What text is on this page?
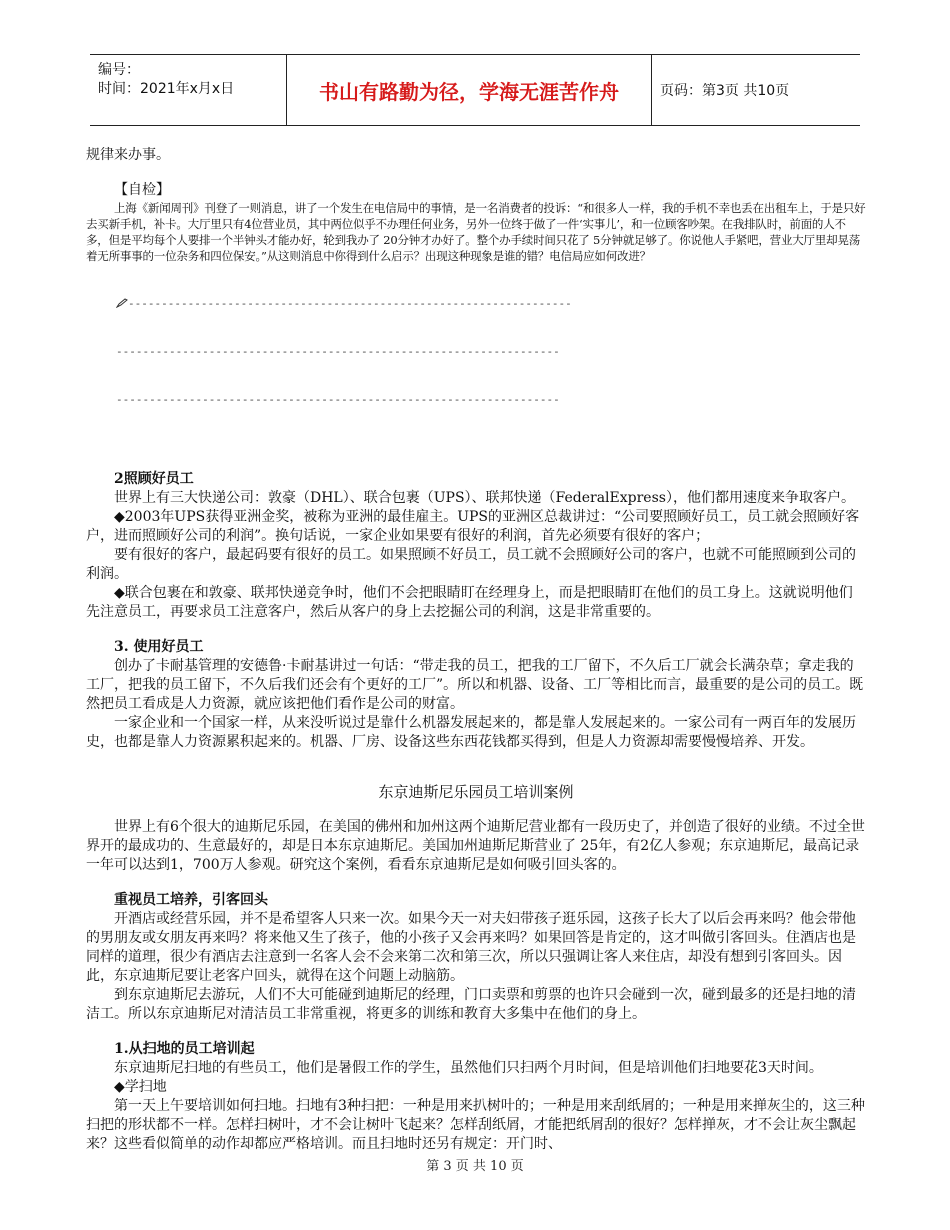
编号：
时间：2021年x月x日	书山有路勤为径，学海无涯苦作舟	页码：第3页 共10页

规律来办事。

【自检】

上海《新闻周刊》刊登了一则消息，讲了一个发生在电信局中的事情，是一名消费者的投诉：“和很多人一样，我的手机不幸也丢在出租车上，于是只好去买新手机，补卡。大厅里只有4位营业员，其中两位似乎不办理任何业务，另外一位终于做了一件‘实事儿’，和一位顾客吵架。在我排队时，前面的人不多，但是平均每个人要排一个半钟头才能办好，轮到我办了 20分钟才办好了。整个办手续时间只花了 5分钟就足够了。你说他人手紧吧，营业大厅里却晃荡着无所事事的一位杂务和四位保安。”从这则消息中你得到什么启示？出现这种现象是谁的错？电信局应如何改进？

-------------------------------------------------------------------

-------------------------------------------------------------------

-------------------------------------------------------------------

2照顾好员工

世界上有三大快递公司：敦豪（DHL）、联合包裹（UPS）、联邦快递（FederalExpress），他们都用速度来争取客户。

◆2003年UPS获得亚洲金奖，被称为亚洲的最佳雇主。UPS的亚洲区总裁讲过：“公司要照顾好员工，员工就会照顾好客户，进而照顾好公司的利润”。换句话说，一家企业如果要有很好的利润，首先必须要有很好的客户；

要有很好的客户，最起码要有很好的员工。如果照顾不好员工，员工就不会照顾好公司的客户，也就不可能照顾到公司的利润。

◆联合包裹在和敦豪、联邦快递竞争时，他们不会把眼睛盯在经理身上，而是把眼睛盯在他们的员工身上。这就说明他们先注意员工，再要求员工注意客户，然后从客户的身上去挖掘公司的利润，这是非常重要的。

3. 使用好员工

创办了卡耐基管理的安德鲁·卡耐基讲过一句话：“带走我的员工，把我的工厂留下，不久后工厂就会长满杂草；拿走我的工厂，把我的员工留下，不久后我们还会有个更好的工厂”。所以和机器、设备、工厂等相比而言，最重要的是公司的员工。既然把员工看成是人力资源，就应该把他们看作是公司的财富。

一家企业和一个国家一样，从来没听说过是靠什么机器发展起来的，都是靠人发展起来的。一家公司有一两百年的发展历史，也都是靠人力资源累积起来的。机器、厂房、设备这些东西花钱都买得到，但是人力资源却需要慢慢培养、开发。

东京迪斯尼乐园员工培训案例

世界上有6个很大的迪斯尼乐园，在美国的佛州和加州这两个迪斯尼营业都有一段历史了，并创造了很好的业绩。不过全世界开的最成功的、生意最好的，却是日本东京迪斯尼。美国加州迪斯尼斯营业了 25年，有2亿人参观；东京迪斯尼，最高记录一年可以达到1，700万人参观。研究这个案例，看看东京迪斯尼是如何吸引回头客的。

重视员工培养，引客回头

开酒店或经营乐园，并不是希望客人只来一次。如果今天一对夫妇带孩子逛乐园，这孩子长大了以后会再来吗？他会带他的男朋友或女朋友再来吗？将来他又生了孩子，他的小孩子又会再来吗？如果回答是肯定的，这才叫做引客回头。住酒店也是同样的道理，很少有酒店去注意到一名客人会不会来第二次和第三次，所以只强调让客人来住店，却没有想到引客回头。因此，东京迪斯尼要让老客户回头，就得在这个问题上动脑筋。

到东京迪斯尼去游玩，人们不大可能碰到迪斯尼的经理，门口卖票和剪票的也许只会碰到一次，碰到最多的还是扫地的清洁工。所以东京迪斯尼对清洁员工非常重视，将更多的训练和教育大多集中在他们的身上。

1.从扫地的员工培训起

东京迪斯尼扫地的有些员工，他们是暑假工作的学生，虽然他们只扫两个月时间，但是培训他们扫地要花3天时间。

◆学扫地

第一天上午要培训如何扫地。扫地有3种扫把：一种是用来扒树叶的；一种是用来刮纸屑的；一种是用来掸灰尘的，这三种扫把的形状都不一样。怎样扫树叶，才不会让树叶飞起来？怎样刮纸屑，才能把纸屑刮的很好？怎样掸灰，才不会让灰尘飘起来？这些看似简单的动作却都应严格培训。而且扫地时还另有规定：开门时、

第 3 页 共 10 页
